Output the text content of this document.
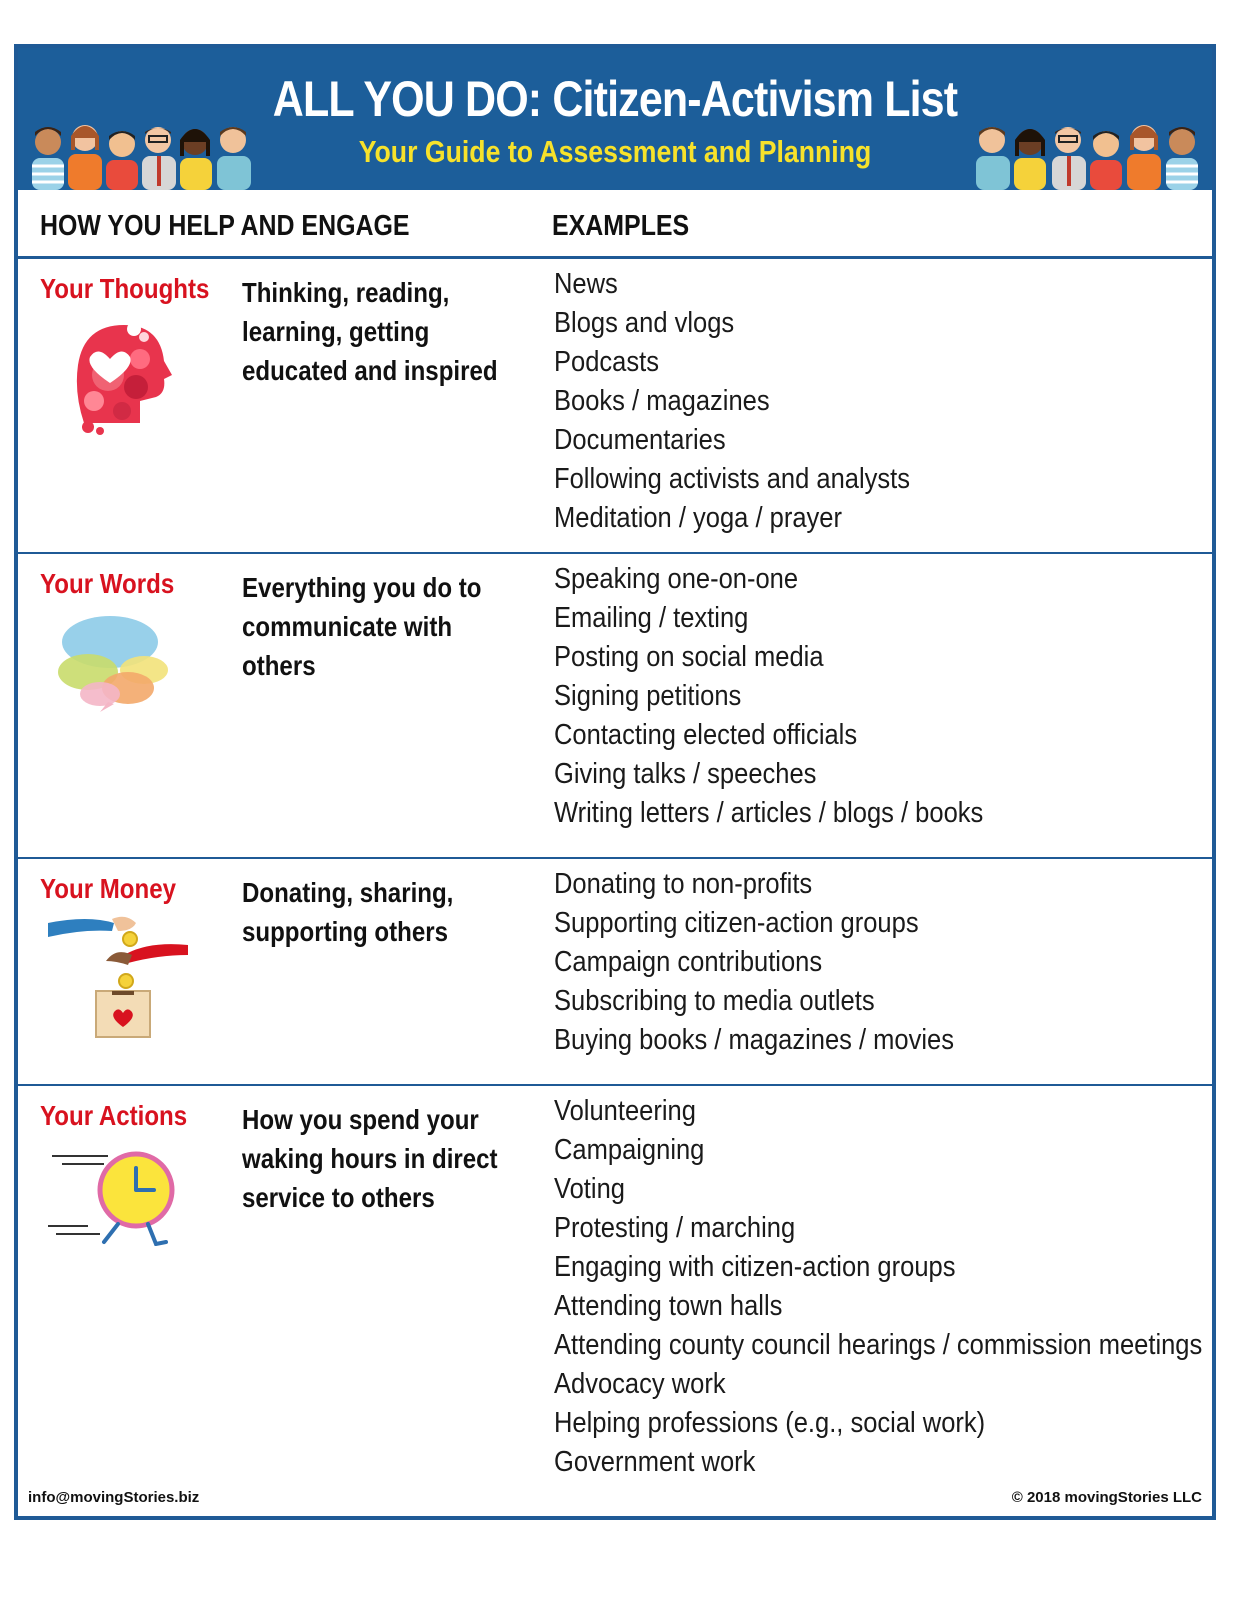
ALL YOU DO: Citizen-Activism List
Your Guide to Assessment and Planning
HOW YOU HELP AND ENGAGE	EXAMPLES
Your Thoughts Thinking, reading, learning, getting educated and inspired
News
Blogs and vlogs
Podcasts
Books / magazines
Documentaries
Following activists and analysts
Meditation / yoga / prayer
Your Words Everything you do to communicate with others
Speaking one-on-one
Emailing / texting
Posting on social media
Signing petitions
Contacting elected officials
Giving talks / speeches
Writing letters / articles / blogs / books
Your Money Donating, sharing, supporting others
Donating to non-profits
Supporting citizen-action groups
Campaign contributions
Subscribing to media outlets
Buying books / magazines / movies
Your Actions How you spend your waking hours in direct service to others
Volunteering
Campaigning
Voting
Protesting / marching
Engaging with citizen-action groups
Attending town halls
Attending county council hearings / commission meetings
Advocacy work
Helping professions (e.g., social work)
Government work
info@movingStories.biz	© 2018 movingStories LLC
